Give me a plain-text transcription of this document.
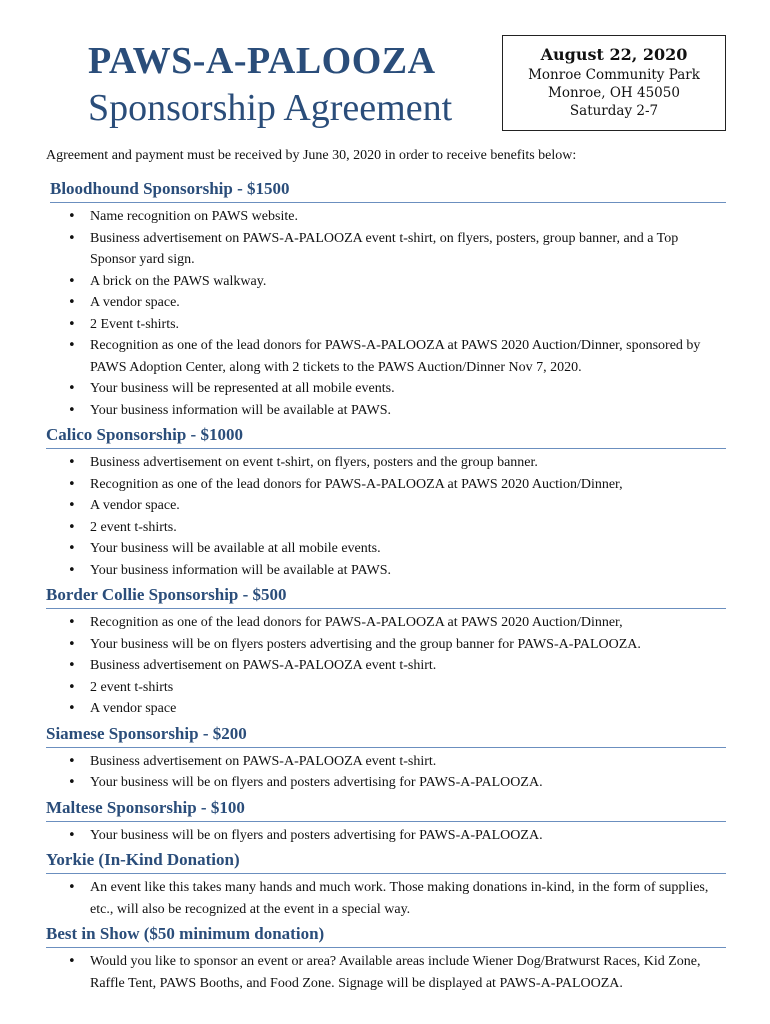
PAWS-A-PALOOZA
Sponsorship Agreement
August 22, 2020
Monroe Community Park
Monroe, OH 45050
Saturday 2-7
Agreement and payment must be received by June 30, 2020 in order to receive benefits below:
Bloodhound Sponsorship - $1500
• Name recognition on PAWS website.
• Business advertisement on PAWS-A-PALOOZA event t-shirt, on flyers, posters, group banner, and a Top Sponsor yard sign.
• A brick on the PAWS walkway.
• A vendor space.
• 2 Event t-shirts.
• Recognition as one of the lead donors for PAWS-A-PALOOZA at PAWS 2020 Auction/Dinner, sponsored by PAWS Adoption Center, along with 2 tickets to the PAWS Auction/Dinner Nov 7, 2020.
• Your business will be represented at all mobile events.
• Your business information will be available at PAWS.
Calico Sponsorship - $1000
• Business advertisement on event t-shirt, on flyers, posters and the group banner.
• Recognition as one of the lead donors for PAWS-A-PALOOZA at PAWS 2020 Auction/Dinner,
• A vendor space.
• 2 event t-shirts.
• Your business will be available at all mobile events.
• Your business information will be available at PAWS.
Border Collie Sponsorship - $500
• Recognition as one of the lead donors for PAWS-A-PALOOZA at PAWS 2020 Auction/Dinner,
• Your business will be on flyers posters advertising and the group banner for PAWS-A-PALOOZA.
• Business advertisement on PAWS-A-PALOOZA event t-shirt.
• 2 event t-shirts
• A vendor space
Siamese Sponsorship - $200
• Business advertisement on PAWS-A-PALOOZA event t-shirt.
• Your business will be on flyers and posters advertising for PAWS-A-PALOOZA.
Maltese Sponsorship - $100
• Your business will be on flyers and posters advertising for PAWS-A-PALOOZA.
Yorkie (In-Kind Donation)
• An event like this takes many hands and much work. Those making donations in-kind, in the form of supplies, etc., will also be recognized at the event in a special way.
Best in Show ($50 minimum donation)
• Would you like to sponsor an event or area? Available areas include Wiener Dog/Bratwurst Races, Kid Zone, Raffle Tent, PAWS Booths, and Food Zone. Signage will be displayed at PAWS-A-PALOOZA.
